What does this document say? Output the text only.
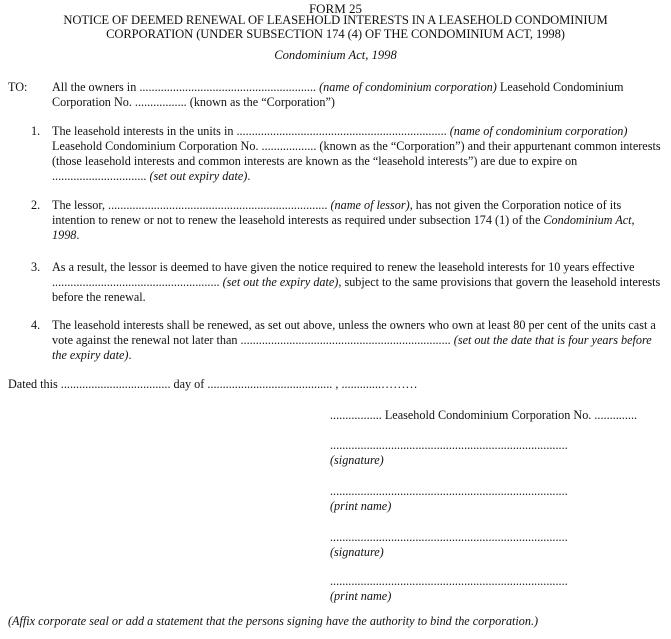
FORM 25
NOTICE OF DEEMED RENEWAL OF LEASEHOLD INTERESTS IN A LEASEHOLD CONDOMINIUM
CORPORATION (UNDER SUBSECTION 174 (4) OF THE CONDOMINIUM ACT, 1998)
Condominium Act, 1998
TO: All the owners in .......................................................... (name of condominium corporation) Leasehold Condominium Corporation No. ................. (known as the “Corporation”)
1. The leasehold interests in the units in ..................................................................... (name of condominium corporation) Leasehold Condominium Corporation No. .................. (known as the “Corporation”) and their appurtenant common interests (those leasehold interests and common interests are known as the “leasehold interests”) are due to expire on ............................... (set out expiry date).
2. The lessor, ........................................................................ (name of lessor), has not given the Corporation notice of its intention to renew or not to renew the leasehold interests as required under subsection 174 (1) of the Condominium Act, 1998.
3. As a result, the lessor is deemed to have given the notice required to renew the leasehold interests for 10 years effective ....................................................... (set out the expiry date), subject to the same provisions that govern the leasehold interests before the renewal.
4. The leasehold interests shall be renewed, as set out above, unless the owners who own at least 80 per cent of the units cast a vote against the renewal not later than ..................................................................... (set out the date that is four years before the expiry date).
Dated this .................................... day of ......................................... , .............………
................. Leasehold Condominium Corporation No. ..............
..............................................................................
(signature)
..............................................................................
(print name)
..............................................................................
(signature)
..............................................................................
(print name)
(Affix corporate seal or add a statement that the persons signing have the authority to bind the corporation.)
